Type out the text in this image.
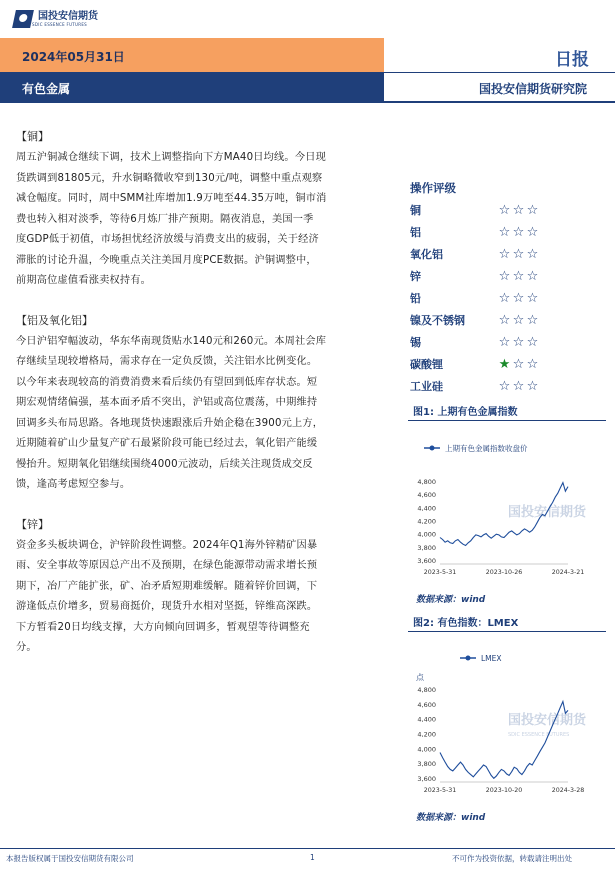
国投安信期货
SDIC ESSENCE FUTURES
2024年05月31日	日报
有色金属	国投安信期货研究院
【铜】
周五沪铜减仓继续下调，技术上调整指向下方MA40日均线。今日现
货跌调到81805元，升水铜略微收窄到130元/吨，调整中重点观察
减仓幅度。同时，周中SMM社库增加1.9万吨至44.35万吨，铜市消
费也转入相对淡季，等待6月炼厂排产预期。隔夜消息，美国一季
度GDP低于初值，市场担忧经济放缓与消费支出的疲弱，关于经济
滞胀的讨论升温，今晚重点关注美国月度PCE数据。沪铜调整中，
前期高位虚值看涨卖权持有。
【铝及氧化铝】
今日沪铝窄幅波动，华东华南现货贴水140元和260元。本周社会库
存继续呈现较增格局，需求存在一定负反馈，关注铝水比例变化。
以今年来表现较高的消费消费来看后续仍有望回到低库存状态。短
期宏观情绪偏强，基本面矛盾不突出，沪铝或高位震荡，中期维持
回调多头布局思路。各地现货快速跟涨后升始企稳在3900元上方，
近期随着矿山少量复产矿石最紧阶段可能已经过去，氧化铝产能缓
慢抬升。短期氧化铝继续围绕4000元波动，后续关注现货成交反
馈，逢高考虑短空参与。
【锌】
资金多头板块调仓，沪锌阶段性调整。2024年Q1海外锌精矿因暴
雨、安全事故等原因总产出不及预期，在绿色能源带动需求增长预
期下，冶厂产能扩张，矿、冶矛盾短期难缓解。随着锌价回调，下
游逢低点价增多，贸易商挺价，现货升水相对坚挺，锌维高深跌。
下方暂看20日均线支撑，大方向倾向回调多，暂观望等待调整充
分。
操作评级
铜	☆ ☆ ☆
铝	☆ ☆ ☆
氧化铝	☆ ☆ ☆
锌	☆ ☆ ☆
铅	☆ ☆ ☆
镍及不锈钢	☆ ☆ ☆
锡	☆ ☆ ☆
碳酸锂	★ ☆ ☆
工业硅	☆ ☆ ☆
图1: 上期有色金属指数
上期有色金属指数收盘价
3,600
3,800
4,000
4,200
4,400
4,600
4,800
国投安信期货
2023-5-31	2023-10-26	2024-3-21
数据来源：wind
图2: 有色指数：LMEX
LMEX
点
3,600
3,800
4,000
4,200
4,400
4,600
4,800
国投安信期货
SDIC ESSENCE FUTURES
2023-5-31	2023-10-20	2024-3-28
数据来源：wind
本报告版权属于国投安信期货有限公司	1	不可作为投资依据，转载请注明出处
